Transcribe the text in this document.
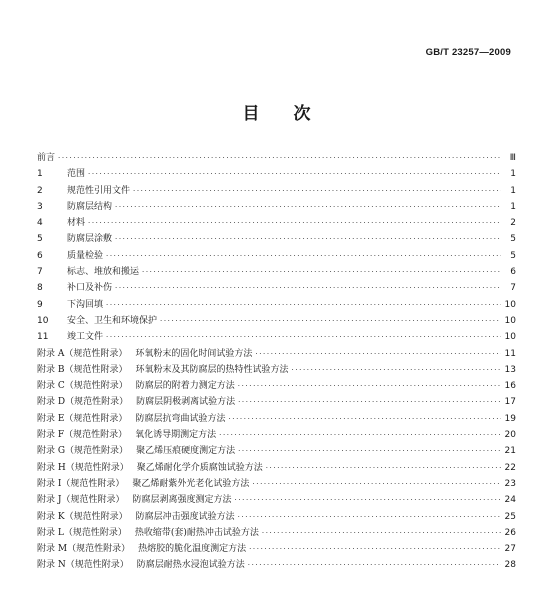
GB/T 23257—2009
目 次
前言 ·····	Ⅲ
1	范围 ·····	1
2	规范性引用文件 ·····	1
3	防腐层结构 ·····	1
4	材料 ·····	2
5	防腐层涂敷 ·····	5
6	质量检验 ·····	5
7	标志、堆放和搬运 ·····	6
8	补口及补伤 ·····	7
9	下沟回填 ·····	10
10	安全、卫生和环境保护 ·····	10
11	竣工文件 ·····	10
附录 A（规范性附录） 环氧粉末的固化时间试验方法 ·····	11
附录 B（规范性附录） 环氧粉末及其防腐层的热特性试验方法 ·····	13
附录 C（规范性附录） 防腐层的附着力测定方法 ·····	16
附录 D（规范性附录） 防腐层阴极剥离试验方法 ·····	17
附录 E（规范性附录） 防腐层抗弯曲试验方法 ·····	19
附录 F（规范性附录） 氧化诱导期测定方法 ·····	20
附录 G（规范性附录） 聚乙烯压痕硬度测定方法 ·····	21
附录 H（规范性附录） 聚乙烯耐化学介质腐蚀试验方法 ·····	22
附录 I（规范性附录） 聚乙烯耐紫外光老化试验方法 ·····	23
附录 J（规范性附录） 防腐层剥离强度测定方法 ·····	24
附录 K（规范性附录） 防腐层冲击强度试验方法 ·····	25
附录 L（规范性附录） 热收缩带(套)耐热冲击试验方法 ·····	26
附录 M（规范性附录） 热熔胶的脆化温度测定方法 ·····	27
附录 N（规范性附录） 防腐层耐热水浸泡试验方法 ·····	28
